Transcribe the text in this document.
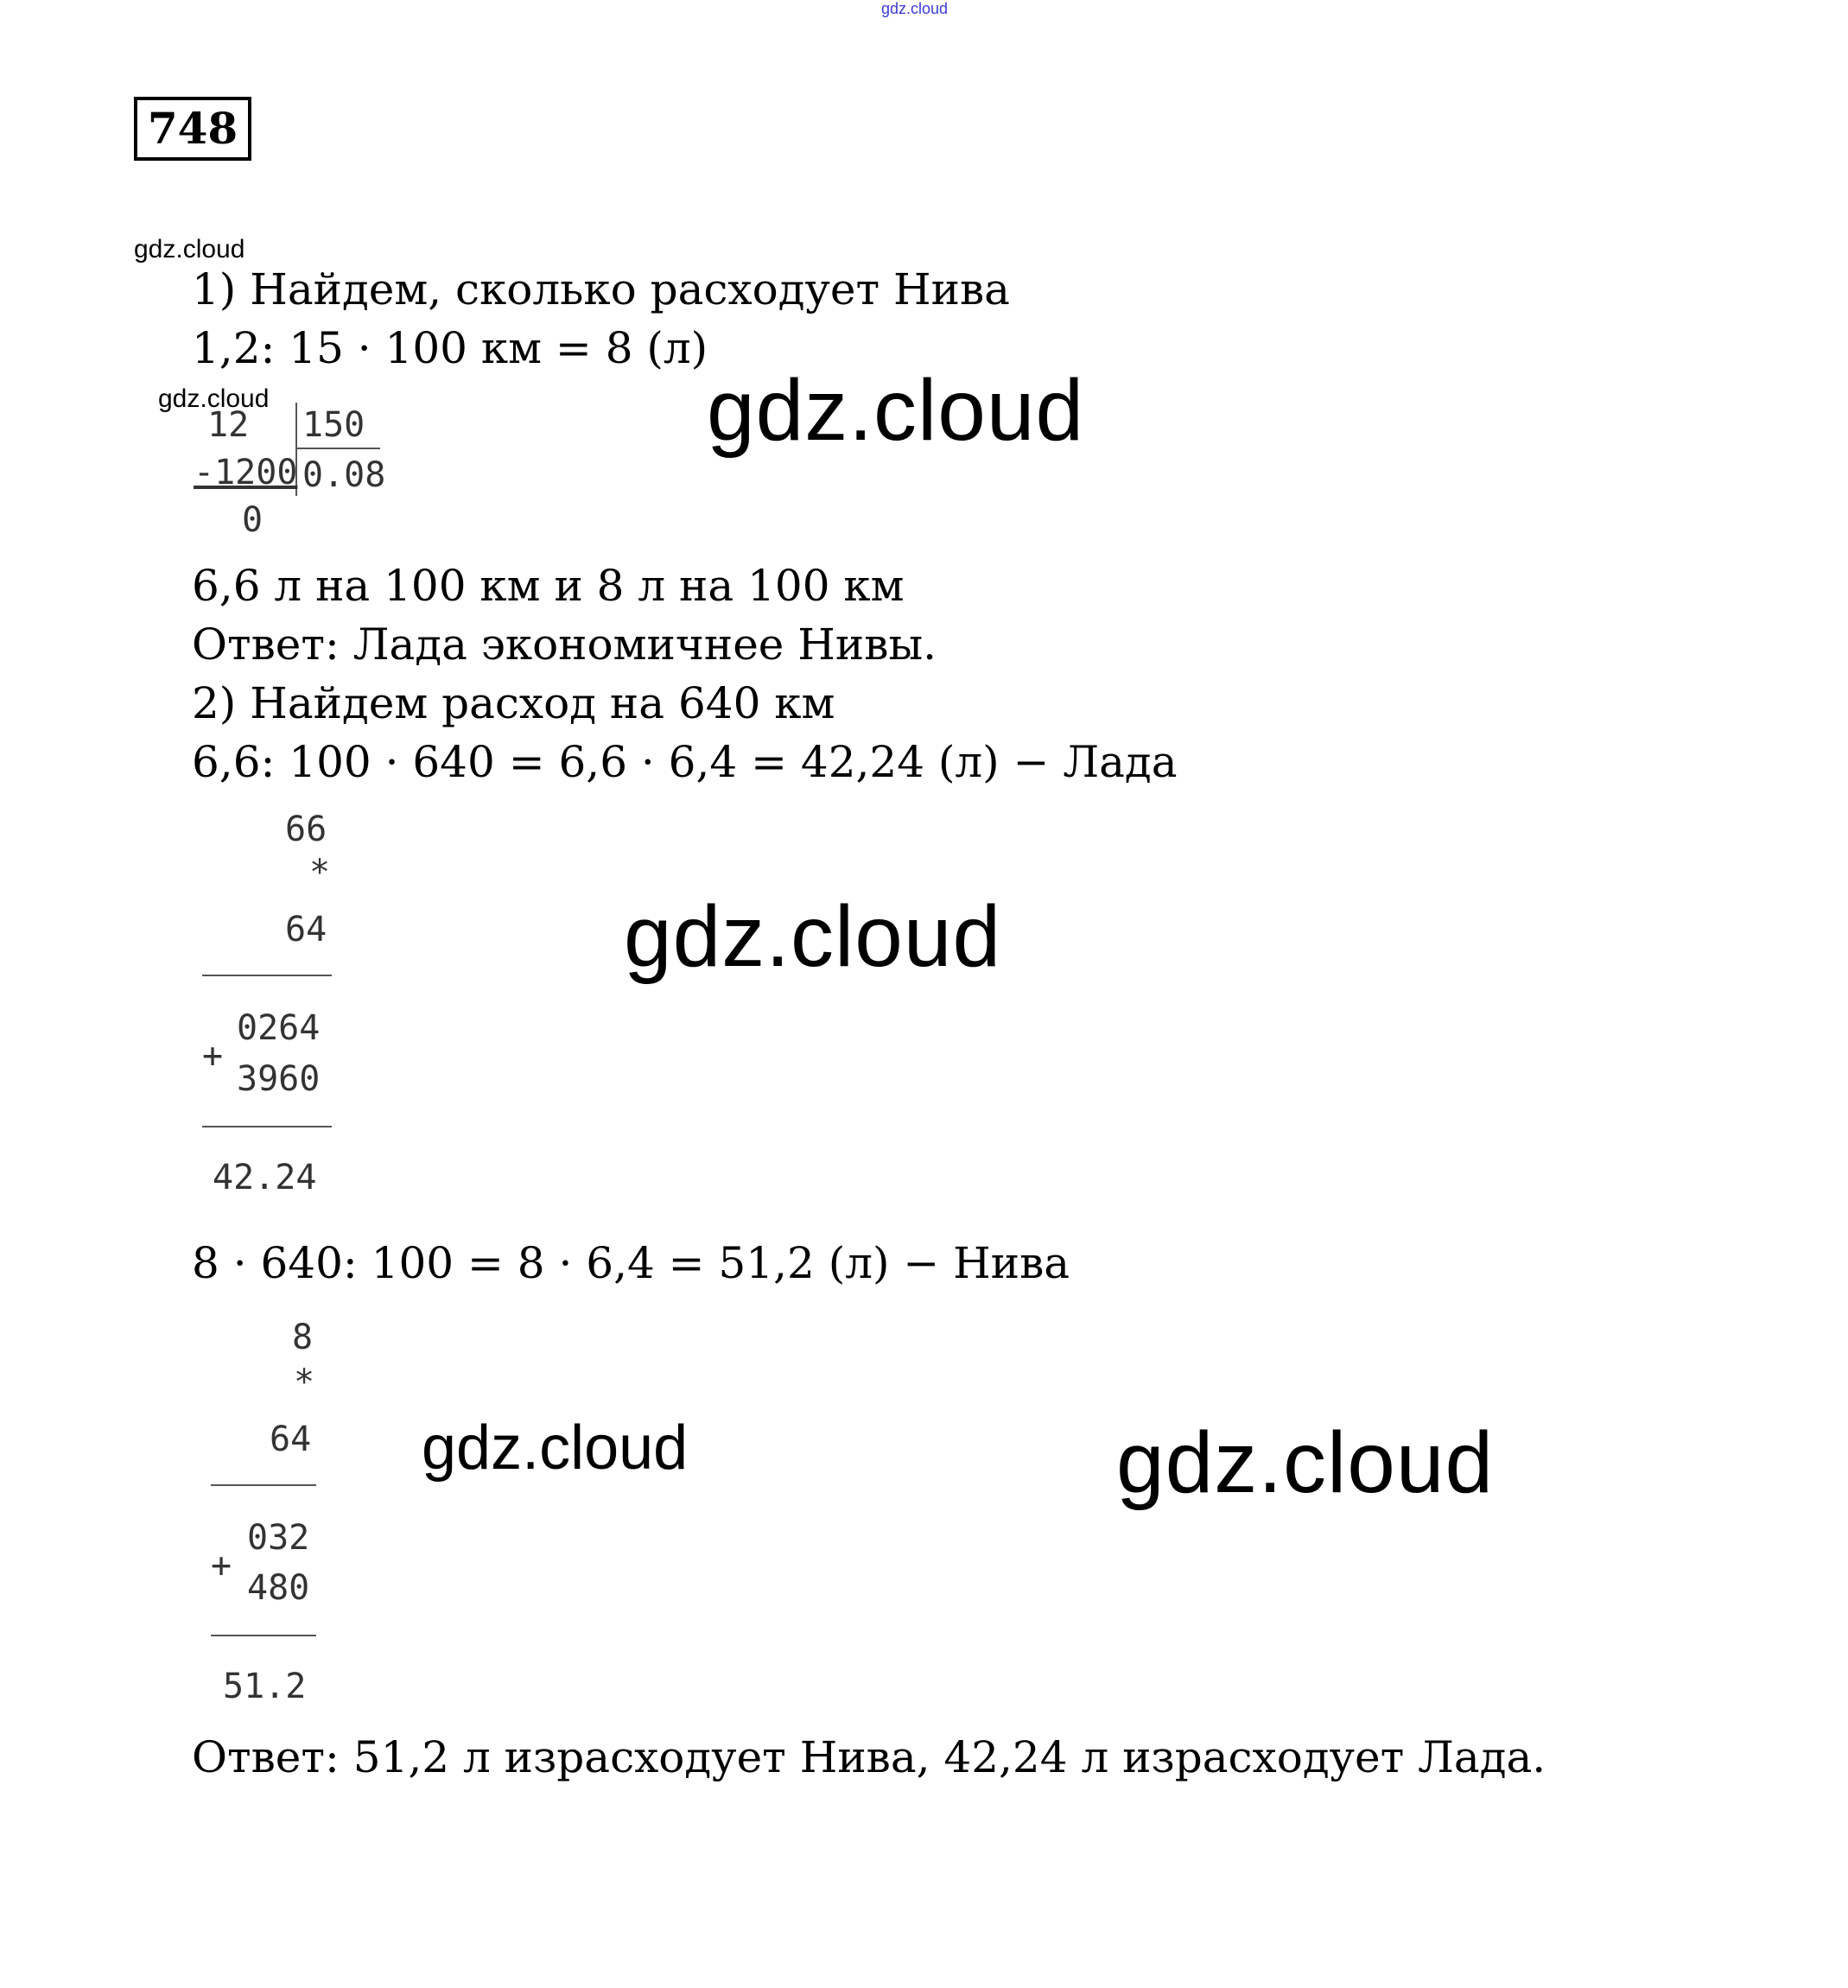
gdz.cloud
748
gdz.cloud
1) Найдем, сколько расходует Нива
1,2: 15 · 100 км = 8 (л)
gdz.cloud
12 150
-1200 0.08
0
gdz.cloud
6,6 л на 100 км и 8 л на 100 км
Ответ: Лада экономичнее Нивы.
2) Найдем расход на 640 км
6,6: 100 · 640 = 6,6 · 6,4 = 42,24 (л) − Лада
66
*
64
0264
+
3960
42.24
gdz.cloud
8 · 640: 100 = 8 · 6,4 = 51,2 (л) − Нива
8
*
64
032
+
480
51.2
gdz.cloud	gdz.cloud
Ответ: 51,2 л израсходует Нива, 42,24 л израсходует Лада.
